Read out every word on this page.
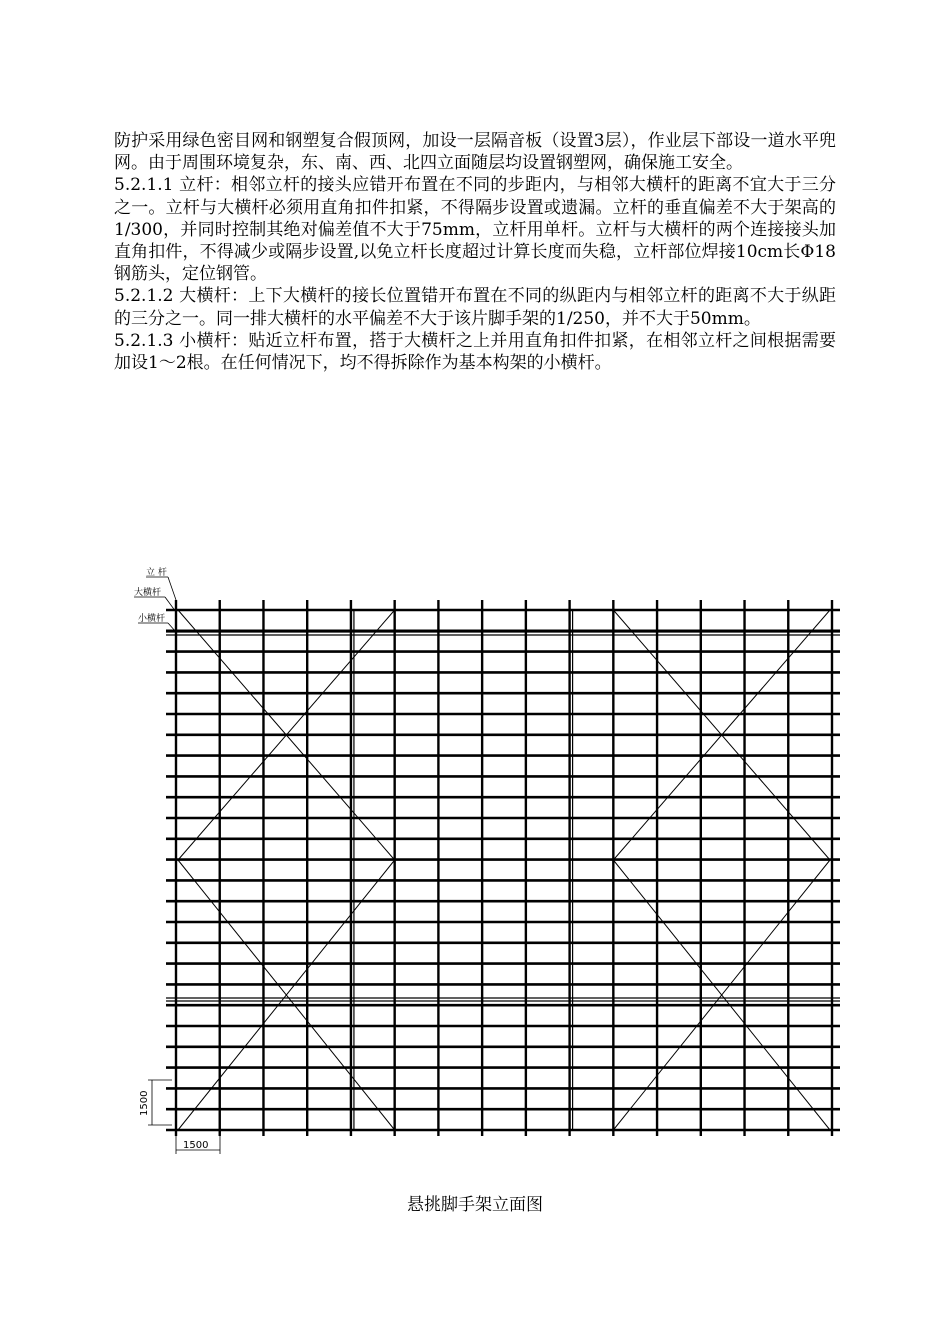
防护采用绿色密目网和钢塑复合假顶网，加设一层隔音板（设置3层），作业层下部设一道水平兜网。由于周围环境复杂，东、南、西、北四立面随层均设置钢塑网，确保施工安全。

5.2.1.1 立杆：相邻立杆的接头应错开布置在不同的步距内，与相邻大横杆的距离不宜大于三分之一。立杆与大横杆必须用直角扣件扣紧，不得隔步设置或遗漏。立杆的垂直偏差不大于架高的1/300，并同时控制其绝对偏差值不大于75mm，立杆用单杆。立杆与大横杆的两个连接接头加直角扣件，不得减少或隔步设置,以免立杆长度超过计算长度而失稳，立杆部位焊接10cm长Φ18钢筋头，定位钢管。

5.2.1.2 大横杆：上下大横杆的接长位置错开布置在不同的纵距内与相邻立杆的距离不大于纵距的三分之一。同一排大横杆的水平偏差不大于该片脚手架的1/250，并不大于50mm。

5.2.1.3 小横杆：贴近立杆布置，搭于大横杆之上并用直角扣件扣紧，在相邻立杆之间根据需要加设1～2根。在任何情况下，均不得拆除作为基本构架的小横杆。

立 杆
大横杆
小横杆
1500
1500
悬挑脚手架立面图
